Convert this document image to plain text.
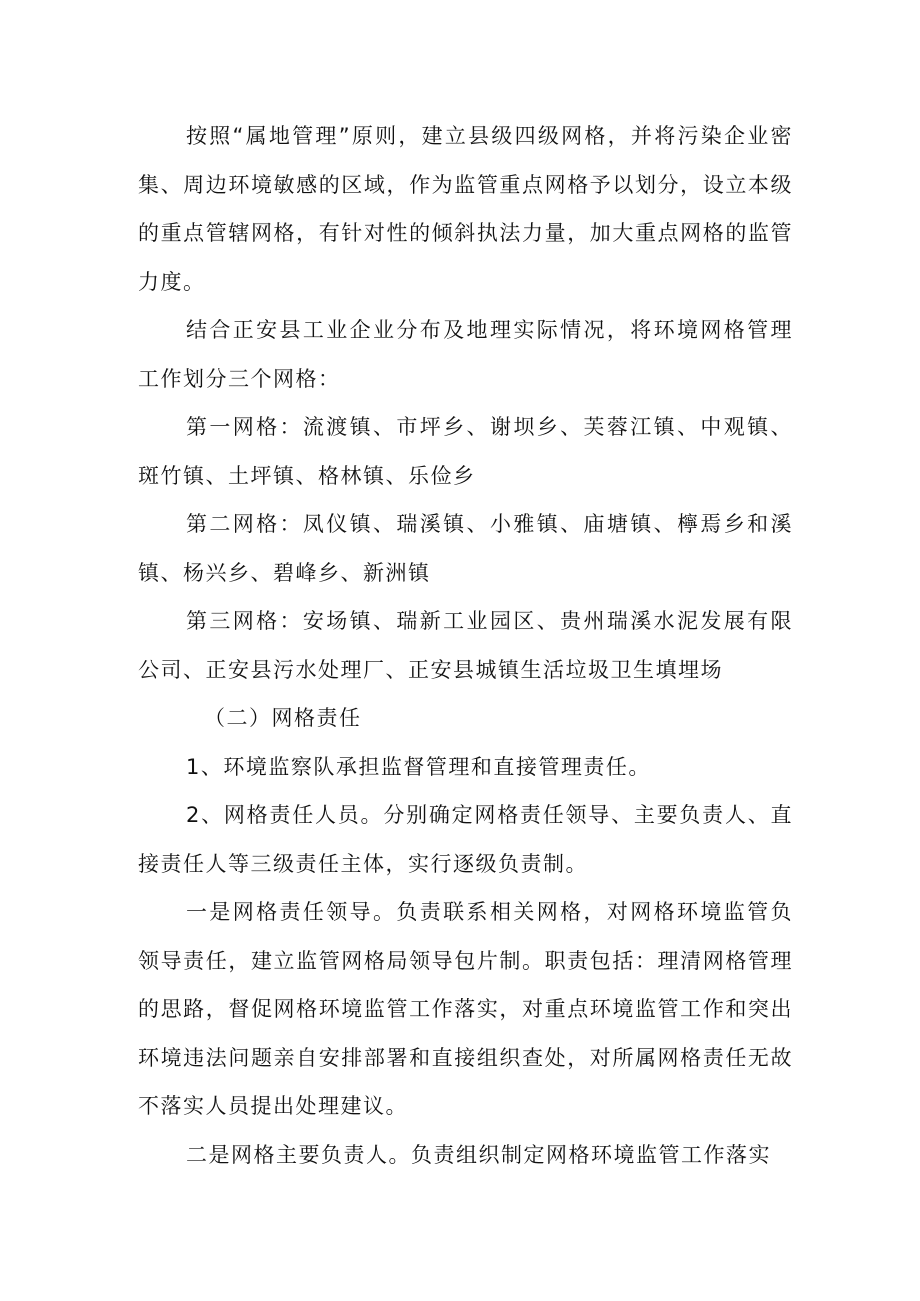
按照“属地管理”原则，建立县级四级网格，并将污染企业密集、周边环境敏感的区域，作为监管重点网格予以划分，设立本级的重点管辖网格，有针对性的倾斜执法力量，加大重点网格的监管力度。

结合正安县工业企业分布及地理实际情况，将环境网格管理工作划分三个网格：

第一网格：流渡镇、市坪乡、谢坝乡、芙蓉江镇、中观镇、斑竹镇、土坪镇、格林镇、乐俭乡

第二网格：凤仪镇、瑞溪镇、小雅镇、庙塘镇、檸焉乡和溪镇、杨兴乡、碧峰乡、新洲镇

第三网格：安场镇、瑞新工业园区、贵州瑞溪水泥发展有限公司、正安县污水处理厂、正安县城镇生活垃圾卫生填埋场

（二）网格责任

1、环境监察队承担监督管理和直接管理责任。

2、网格责任人员。分别确定网格责任领导、主要负责人、直接责任人等三级责任主体，实行逐级负责制。

一是网格责任领导。负责联系相关网格，对网格环境监管负领导责任，建立监管网格局领导包片制。职责包括：理清网格管理的思路，督促网格环境监管工作落实，对重点环境监管工作和突出环境违法问题亲自安排部署和直接组织查处，对所属网格责任无故不落实人员提出处理建议。

二是网格主要负责人。负责组织制定网格环境监管工作落实
